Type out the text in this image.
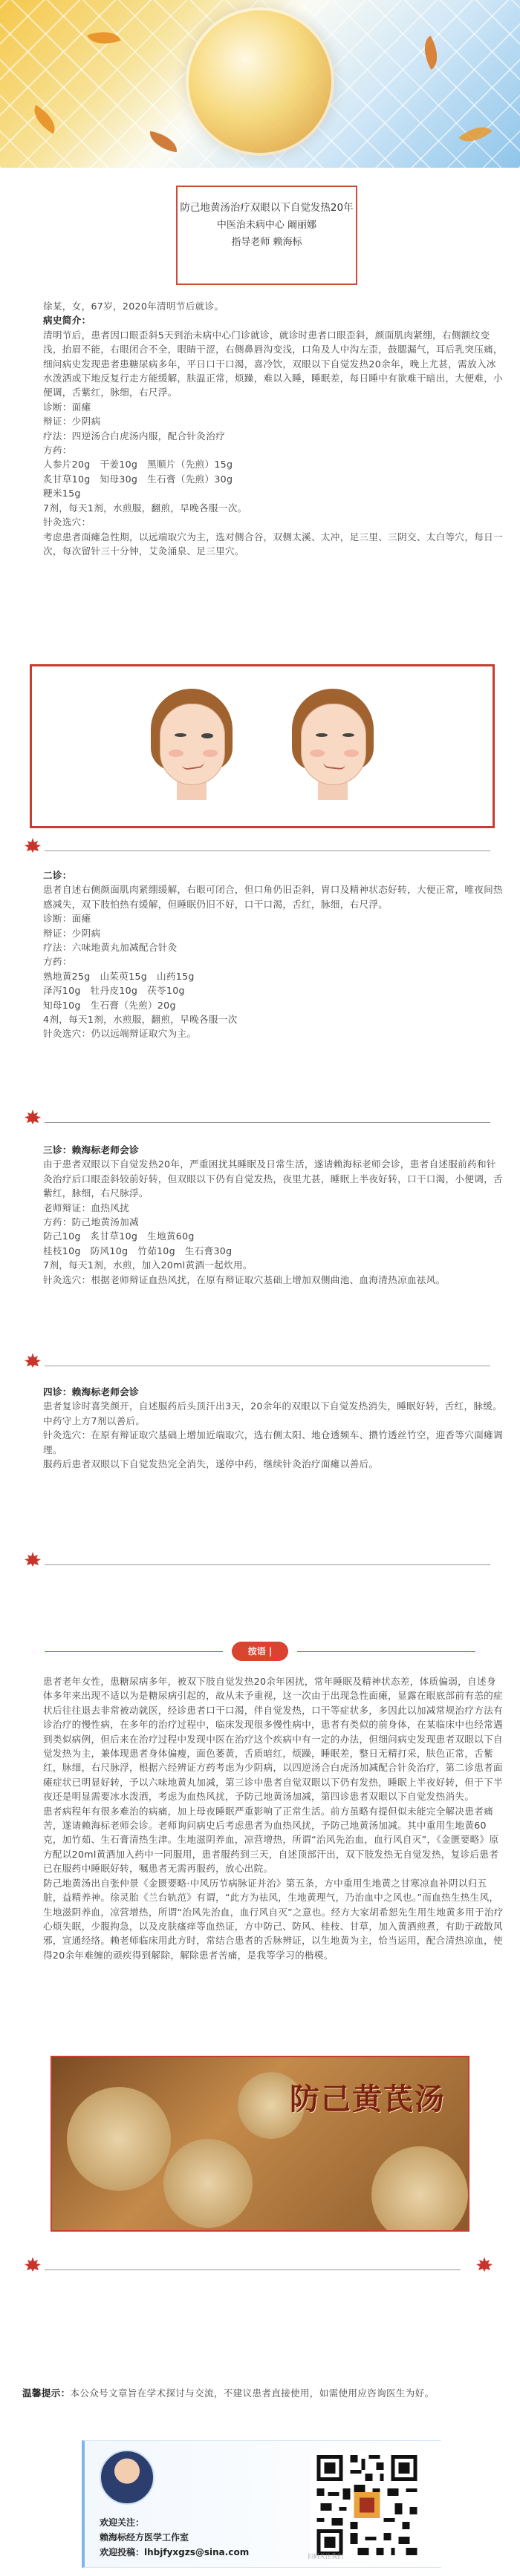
防己地黄汤治疗双眼以下自觉发热20年
中医治未病中心 阚丽娜
指导老师 赖海标

徐某，女，67岁，2020年清明节后就诊。

病史简介：

清明节后，患者因口眼歪斜5天到治未病中心门诊就诊，就诊时患者口眼歪斜，颜面肌肉紧绷，右侧额纹变浅，抬眉不能，右眼闭合不全，眼睛干涩，右侧鼻唇沟变浅，口角及人中沟左歪，鼓腮漏气，耳后乳突压痛，细问病史发现患者患糖尿病多年，平日口干口渴，喜冷饮，双眼以下自觉发热20余年，晚上尤甚，需放入冰水泼洒或下地反复行走方能缓解，肤温正常，烦躁，难以入睡，睡眠差，每日睡中有欲难干暗出，大便难，小便调，舌紫红，脉细，右尺浮。

诊断：面瘫

辩证：少阴病

疗法：四逆汤合白虎汤内服，配合针灸治疗

方药：

人参片20g　干姜10g　黑顺片（先煎）15g

炙甘草10g　知母30g　生石膏（先煎）30g

粳米15g

7剂，每天1剂，水煎服，翻煎，早晚各服一次。

针灸选穴：

考虑患者面瘫急性期，以远端取穴为主，选对侧合谷，双侧太溪、太冲，足三里、三阴交、太白等穴，每日一次，每次留针三十分钟，艾灸涌泉、足三里穴。

二诊：

患者自述右侧颜面肌肉紧绷缓解，右眼可闭合，但口角仍旧歪斜，胃口及精神状态好转，大便正常，唯夜间热感减失，双下肢怕热有缓解，但睡眠仍旧不好，口干口渴，舌红，脉细，右尺浮。

诊断：面瘫

辩证：少阴病

疗法：六味地黄丸加减配合针灸

方药：

熟地黄25g　山茱萸15g　山药15g

泽泻10g　牡丹皮10g　茯苓10g

知母10g　生石膏（先煎）20g

4剂，每天1剂，水煎服，翻煎，早晚各服一次

针灸选穴：仍以远端辩证取穴为主。

三诊：赖海标老师会诊

由于患者双眼以下自觉发热20年，严重困扰其睡眠及日常生活，遂请赖海标老师会诊，患者自述服前药和针灸治疗后口眼歪斜较前好转，但双眼以下仍有自觉发热，夜里尤甚，睡眠上半夜好转，口干口渴，小便调，舌紫红，脉细，右尺脉浮。

老师辩证：血热风扰

方药：防己地黄汤加减

防己10g　炙甘草10g　生地黄60g

桂枝10g　防风10g　竹茹10g　生石膏30g

7剂，每天1剂，水煎，加入20ml黄酒一起炊用。

针灸选穴：根据老师辩证血热风扰，在原有辩证取穴基础上增加双侧曲池、血海清热凉血祛风。

四诊：赖海标老师会诊

患者复诊时喜笑颜开，自述服药后头顶汗出3天，20余年的双眼以下自觉发热消失，睡眠好转，舌红，脉缓。

中药守上方7剂以善后。

针灸选穴：在原有辩证取穴基础上增加近端取穴，选右侧太阳、地仓透频车、攒竹透丝竹空，迎香等穴面瘫调理。

服药后患者双眼以下自觉发热完全消失，遂停中药，继续针灸治疗面瘫以善后。

按语 |

患者老年女性，患糖尿病多年，被双下肢自觉发热20余年困扰，常年睡眠及精神状态差，体质偏弱，自述身体多年来出现不适以为是糖尿病引起的，故从未予重视，这一次由于出现急性面瘫，显露在眼底部前有恙的症状后往往退去非常被动就医，经诊患者口干口渴，伴自觉发热，口干等症状多，多因此以加减常规治疗方法有诊治疗的慢性病，在多年的治疗过程中，临床发现很多慢性病中，患者有类似的前身体，在某临床中也经常遇到类似病例，但后来在治疗过程中发现中医在治疗这个疾病中有一定的办法，但细问病史发现患者双眼以下自觉发热为主，兼体现患者身体偏瘦，面色萎黄，舌质暗红，烦躁，睡眠差，整日无精打采，肤色正常，舌紫红，脉细，右尺脉浮，根据六经辨证方药考虑为少阴病，以四逆汤合白虎汤加减配合针灸治疗，第二诊患者面瘫症状已明显好转，予以六味地黄丸加减，第三诊中患者自觉双眼以下仍有发热，睡眠上半夜好转，但于下半夜还是明显需要冰水泼洒，考虑为血热风扰，予防己地黄汤加减，第四诊患者双眼以下自觉发热消失。

患者病程年有很多难治的病痛，加上母夜睡眠严重影响了正常生活。前方虽略有提但似未能完全解决患者痛苦，遂请赖海标老师会诊。老师询问病史后考虑患者为血热风扰，予防己地黄汤加减。其中重用生地黄60克，加竹茹、生石膏清热生津。生地滋阴养血，凉营增热，所谓“治风先治血，血行风自灭”，《金匮要略》原方配以20ml黄酒加入药中一同服用，患者服药到三天，自述顶部汗出，双下肢发热无自觉发热，复诊后患者已在服药中睡眠好转，嘱患者无需再服药，放心出院。

防己地黄汤出自张仲景《金匮要略·中风历节病脉证并治》第五条，方中重用生地黄之甘寒凉血补阴以归五脏，益精养神。徐灵胎《兰台轨范》有谓，“此方为祛风，生地黄理气，乃治血中之风也。”而血热生热生风，生地滋阴养血，凉营增热，所谓“治风先治血，血行风自灭”之意也。经方大家胡希恕先生用生地黄多用于治疗心烦失眠，少腹拘急，以及皮肤瘙痒等血热证，方中防己、防风、桂枝、甘草，加入黄酒煎煮，有助于疏散风邪，宣通经络。赖老师临床用此方时，常结合患者的舌脉辨证，以生地黄为主，恰当运用，配合清热凉血，使得20余年难缠的顽疾得到解除，解除患者苦痛，是我等学习的楷模。

防己黄芪汤

温馨提示：本公众号文章旨在学术探讨与交流，不建议患者直接使用，如需使用应咨询医生为好。

欢迎关注：
赖海标经方医学工作室
欢迎投稿：lhbjfyxgzs@sina.com	扫码关注我们
